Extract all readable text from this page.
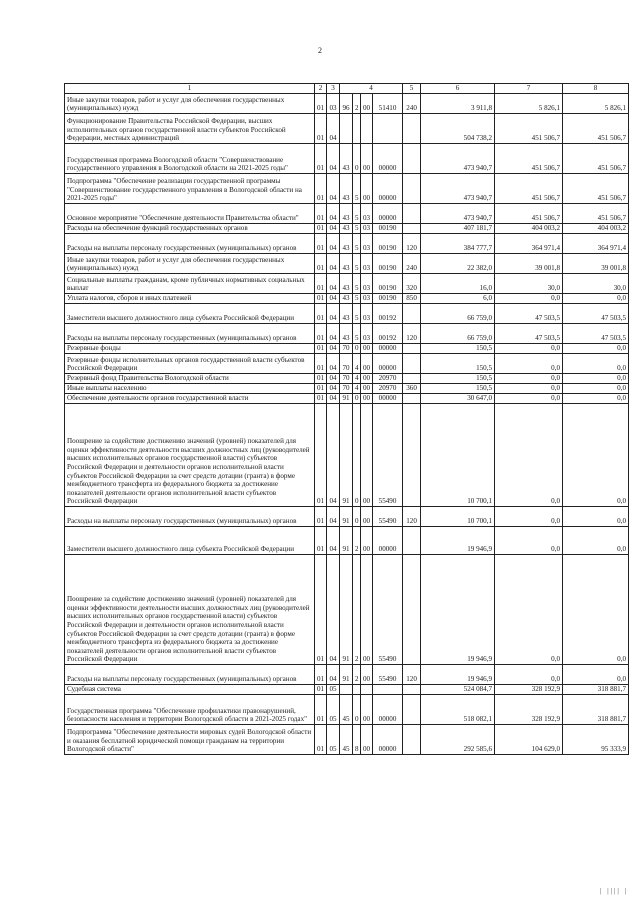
2
1	2	3	4				5	6	7	8
Иные закупки товаров, работ и услуг для обеспечения государственных (муниципальных) нужд	01	03	96	2	00	51410	240	3 911,8	5 826,1	5 826,1
Функционирование Правительства Российской Федерации, высших исполнительных органов государственной власти субъектов Российской Федерации, местных администраций	01	04						504 738,2	451 506,7	451 506,7
Государственная программа Вологодской области "Совершенствование государственного управления в Вологодской области на 2021-2025 годы"	01	04	43	0	00	00000		473 940,7	451 506,7	451 506,7
Подпрограмма "Обеспечение реализации государственной программы "Совершенствование государственного управления в Вологодской области на 2021-2025 годы"	01	04	43	5	00	00000		473 940,7	451 506,7	451 506,7
Основное мероприятие "Обеспечение деятельности Правительства области"	01	04	43	5	03	00000		473 940,7	451 506,7	451 506,7
Расходы на обеспечение функций государственных органов	01	04	43	5	03	00190		407 181,7	404 003,2	404 003,2
Расходы на выплаты персоналу государственных (муниципальных) органов	01	04	43	5	03	00190	120	384 777,7	364 971,4	364 971,4
Иные закупки товаров, работ и услуг для обеспечения государственных (муниципальных) нужд	01	04	43	5	03	00190	240	22 382,0	39 001,8	39 001,8
Социальные выплаты гражданам, кроме публичных нормативных социальных выплат	01	04	43	5	03	00190	320	16,0	30,0	30,0
Уплата налогов, сборов и иных платежей	01	04	43	5	03	00190	850	6,0	0,0	0,0
Заместители высшего должностного лица субъекта Российской Федерации	01	04	43	5	03	00192		66 759,0	47 503,5	47 503,5
Расходы на выплаты персоналу государственных (муниципальных) органов	01	04	43	5	03	00192	120	66 759,0	47 503,5	47 503,5
Резервные фонды	01	04	70	0	00	00000		150,5	0,0	0,0
Резервные фонды исполнительных органов государственной власти субъектов Российской Федерации	01	04	70	4	00	00000		150,5	0,0	0,0
Резервный фонд Правительства Вологодской области	01	04	70	4	00	20970		150,5	0,0	0,0
Иные выплаты населению	01	04	70	4	00	20970	360	150,5	0,0	0,0
Обеспечение деятельности органов государственной власти	01	04	91	0	00	00000		30 647,0	0,0	0,0
Поощрение за содействие достижению значений (уровней) показателей для оценки эффективности деятельности высших должностных лиц (руководителей высших исполнительных органов государственной власти) субъектов Российской Федерации и деятельности органов исполнительной власти субъектов Российской Федерации за счет средств дотации (гранта) в форме межбюджетного трансферта из федерального бюджета за достижение показателей деятельности органов исполнительной власти субъектов Российской Федерации	01	04	91	0	00	55490		10 700,1	0,0	0,0
Расходы на выплаты персоналу государственных (муниципальных) органов	01	04	91	0	00	55490	120	10 700,1	0,0	0,0
Заместители высшего должностного лица субъекта Российской Федерации	01	04	91	2	00	00000		19 946,9	0,0	0,0
Поощрение за содействие достижению значений (уровней) показателей для оценки эффективности деятельности высших должностных лиц (руководителей высших исполнительных органов государственной власти) субъектов Российской Федерации и деятельности органов исполнительной власти субъектов Российской Федерации за счет средств дотации (гранта) в форме межбюджетного трансферта из федерального бюджета за достижение показателей деятельности органов исполнительной власти субъектов Российской Федерации	01	04	91	2	00	55490		19 946,9	0,0	0,0
Расходы на выплаты персоналу государственных (муниципальных) органов	01	04	91	2	00	55490	120	19 946,9	0,0	0,0
Судебная система	01	05						524 084,7	328 192,9	318 881,7
Государственная программа "Обеспечение профилактики правонарушений, безопасности населения и территории Вологодской области в 2021-2025 годах"	01	05	45	0	00	00000		518 082,1	328 192,9	318 881,7
Подпрограмма "Обеспечение деятельности мировых судей Вологодской области и оказания бесплатной юридической помощи гражданам на территории Вологодской области"	01	05	45	8	00	00000		292 585,6	104 629,0	95 333,9
| |||| |
